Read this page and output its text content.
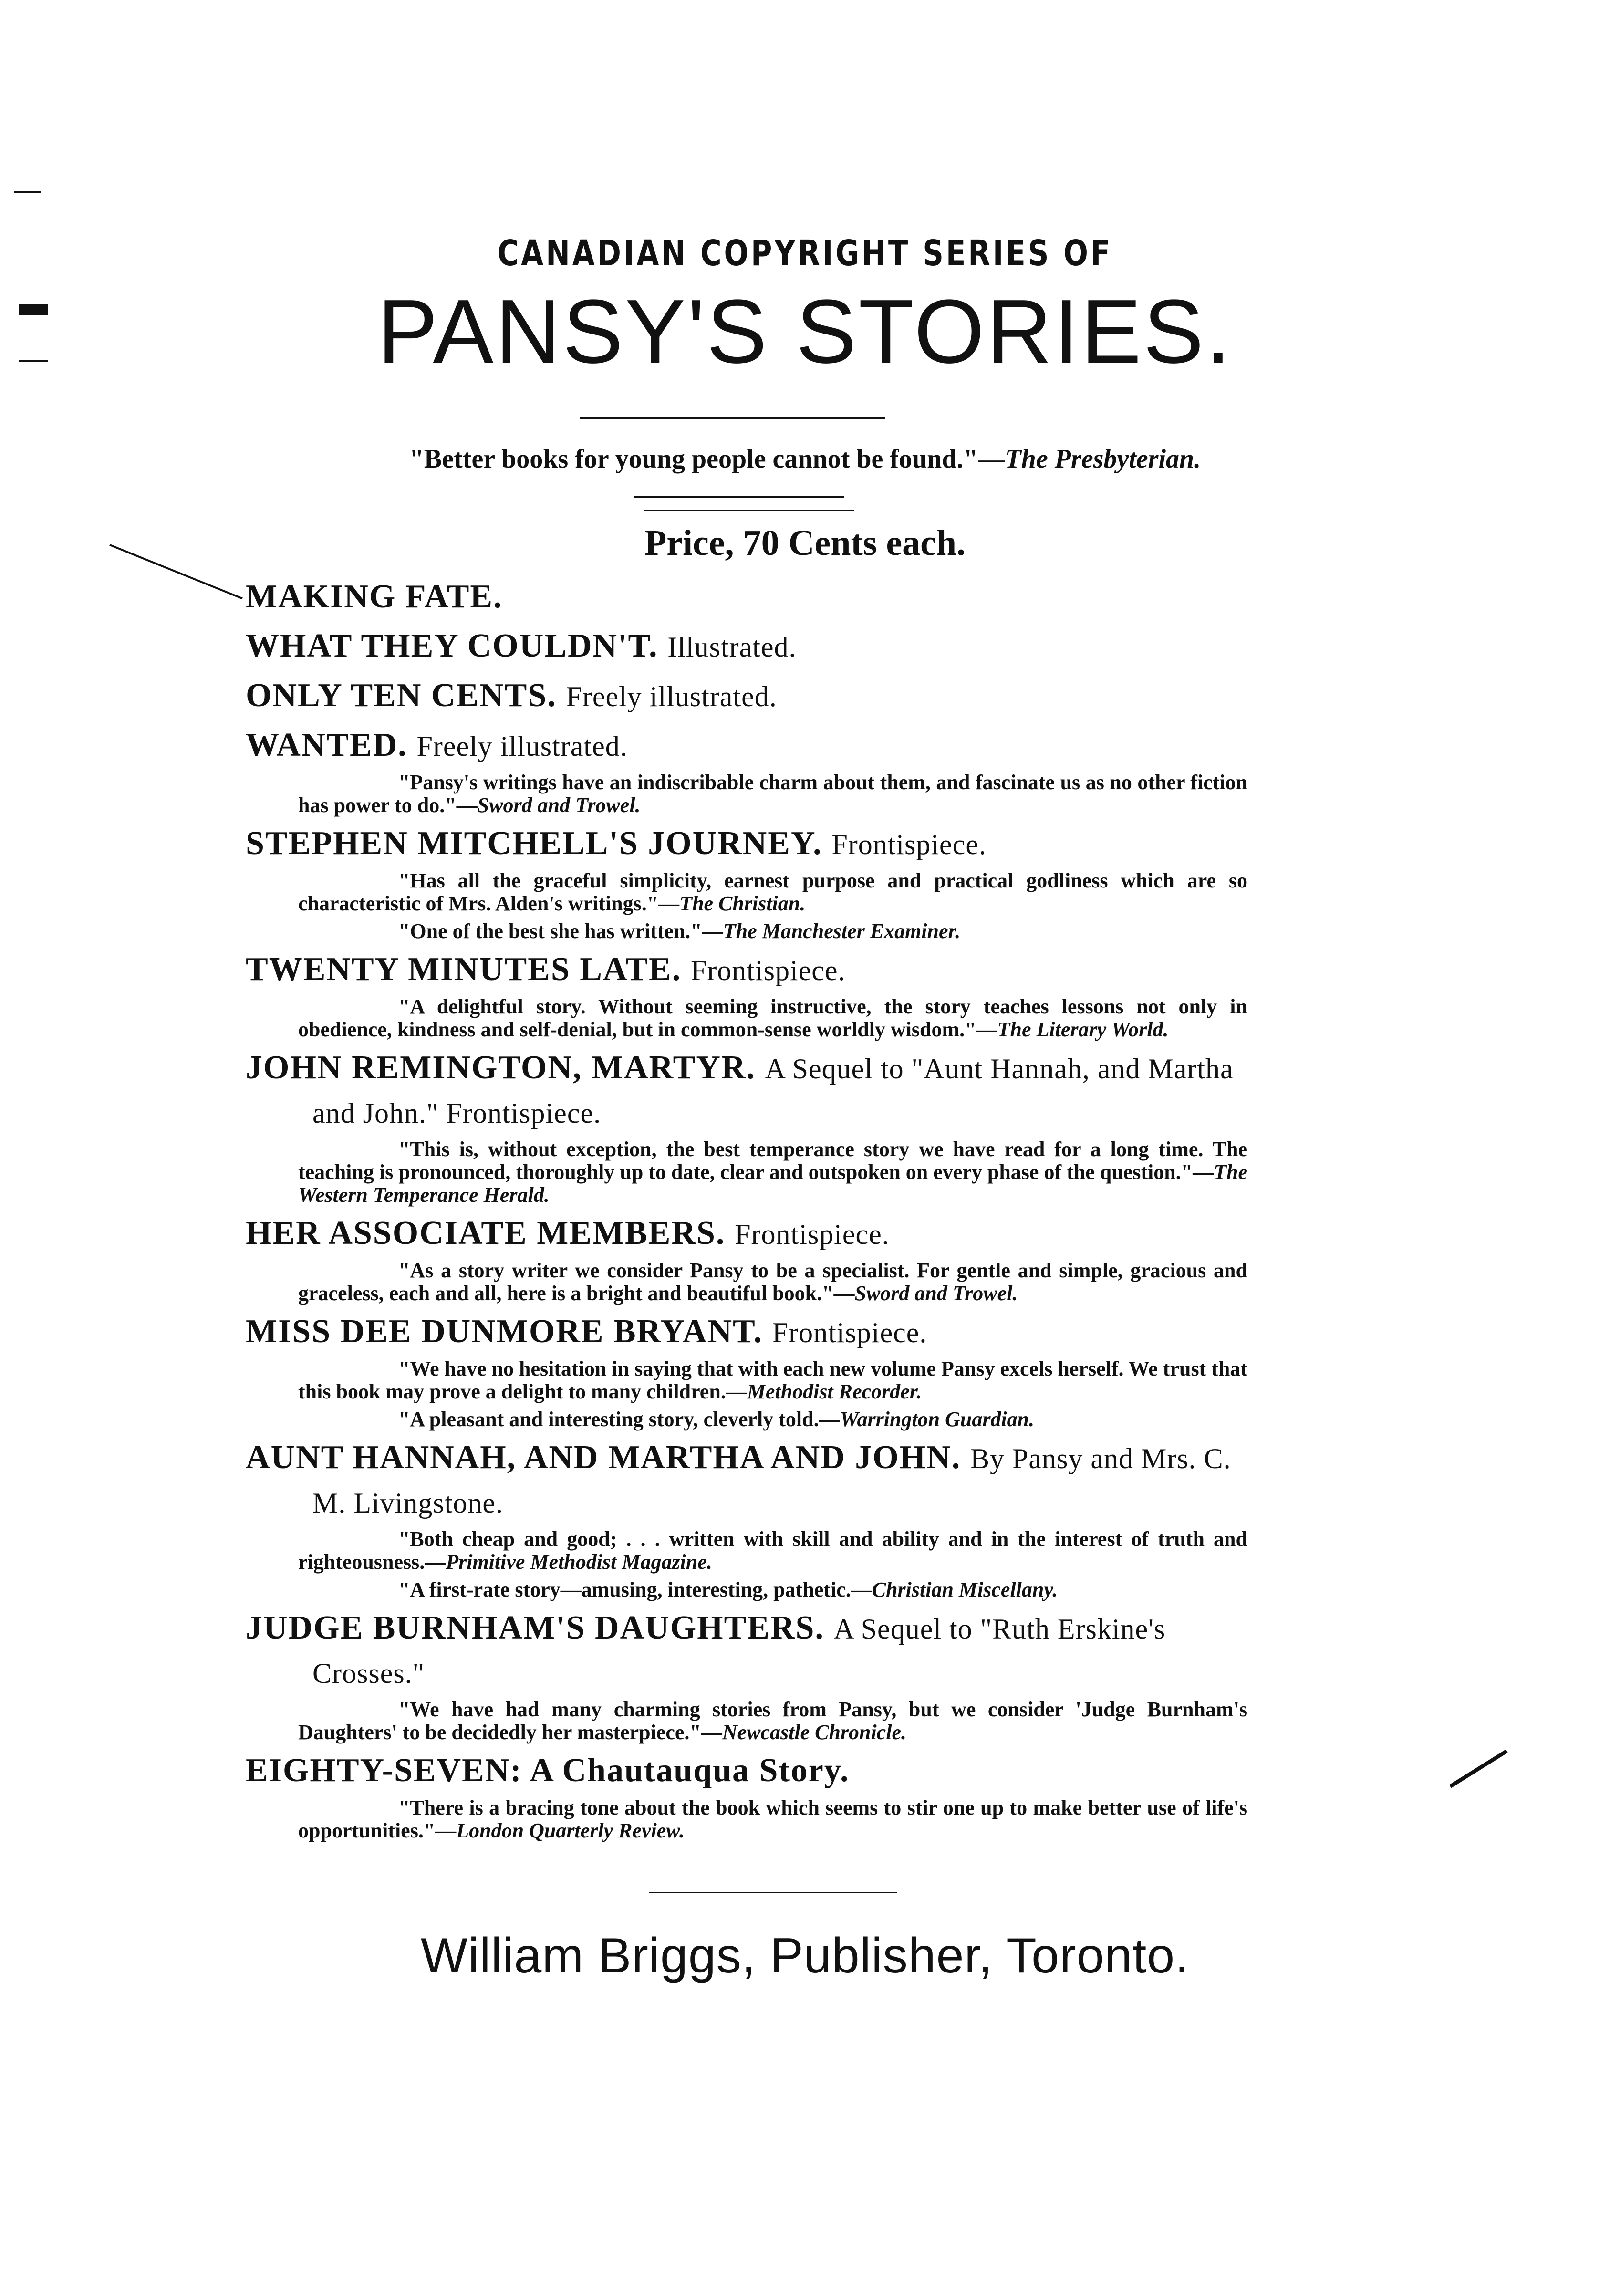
CANADIAN COPYRIGHT SERIES OF
PANSY'S STORIES.
"Better books for young people cannot be found."—The Presbyterian.
Price, 70 Cents each.
MAKING FATE.
WHAT THEY COULDN'T. Illustrated.
ONLY TEN CENTS. Freely illustrated.
WANTED. Freely illustrated.
"Pansy's writings have an indiscribable charm about them, and fascinate us as no other fiction has power to do."—Sword and Trowel.
STEPHEN MITCHELL'S JOURNEY. Frontispiece.
"Has all the graceful simplicity, earnest purpose and practical godliness which are so characteristic of Mrs. Alden's writings."—The Christian.
"One of the best she has written."—The Manchester Examiner.
TWENTY MINUTES LATE. Frontispiece.
"A delightful story. Without seeming instructive, the story teaches lessons not only in obedience, kindness and self-denial, but in common-sense worldly wisdom."—The Literary World.
JOHN REMINGTON, MARTYR. A Sequel to "Aunt Hannah, and Martha and John." Frontispiece.
"This is, without exception, the best temperance story we have read for a long time. The teaching is pronounced, thoroughly up to date, clear and outspoken on every phase of the question."—The Western Temperance Herald.
HER ASSOCIATE MEMBERS. Frontispiece.
"As a story writer we consider Pansy to be a specialist. For gentle and simple, gracious and graceless, each and all, here is a bright and beautiful book."—Sword and Trowel.
MISS DEE DUNMORE BRYANT. Frontispiece.
"We have no hesitation in saying that with each new volume Pansy excels herself. We trust that this book may prove a delight to many children.—Methodist Recorder.
"A pleasant and interesting story, cleverly told.—Warrington Guardian.
AUNT HANNAH, AND MARTHA AND JOHN. By Pansy and Mrs. C. M. Livingstone.
"Both cheap and good; . . . written with skill and ability and in the interest of truth and righteousness.—Primitive Methodist Magazine.
"A first-rate story—amusing, interesting, pathetic.—Christian Miscellany.
JUDGE BURNHAM'S DAUGHTERS. A Sequel to "Ruth Erskine's Crosses."
"We have had many charming stories from Pansy, but we consider 'Judge Burnham's Daughters' to be decidedly her masterpiece."—Newcastle Chronicle.
EIGHTY-SEVEN: A Chautauqua Story.
"There is a bracing tone about the book which seems to stir one up to make better use of life's opportunities."—London Quarterly Review.
William Briggs, Publisher, Toronto.
